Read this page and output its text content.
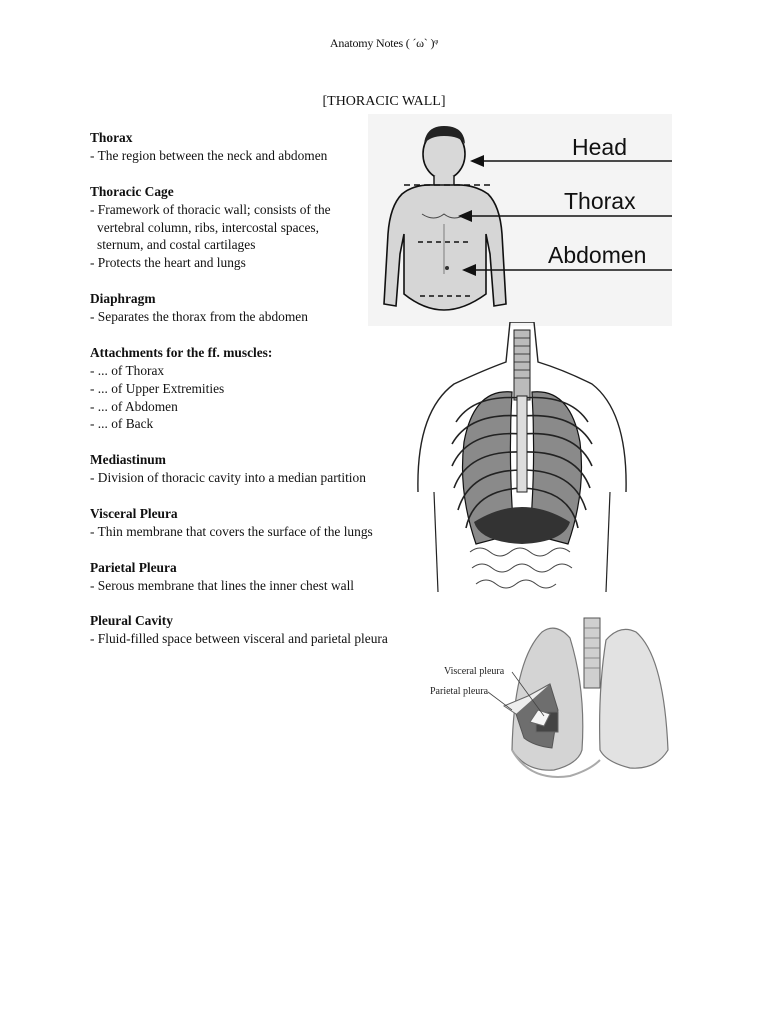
Anatomy Notes ( ´ω` )ᵠ
[THORACIC WALL]
Thorax
- The region between the neck and abdomen
Thoracic Cage
- Framework of thoracic wall; consists of the
vertebral column, ribs, intercostal spaces,
sternum, and costal cartilages
- Protects the heart and lungs
Diaphragm
- Separates the thorax from the abdomen
Attachments for the ff. muscles:
- ... of Thorax
- ... of Upper Extremities
- ... of Abdomen
- ... of Back
Mediastinum
- Division of thoracic cavity into a median partition
Visceral Pleura
- Thin membrane that covers the surface of the lungs
Parietal Pleura
- Serous membrane that lines the inner chest wall
Pleural Cavity
- Fluid-filled space between visceral and parietal pleura
Head
Thorax
Abdomen
Visceral pleura
Parietal pleura
